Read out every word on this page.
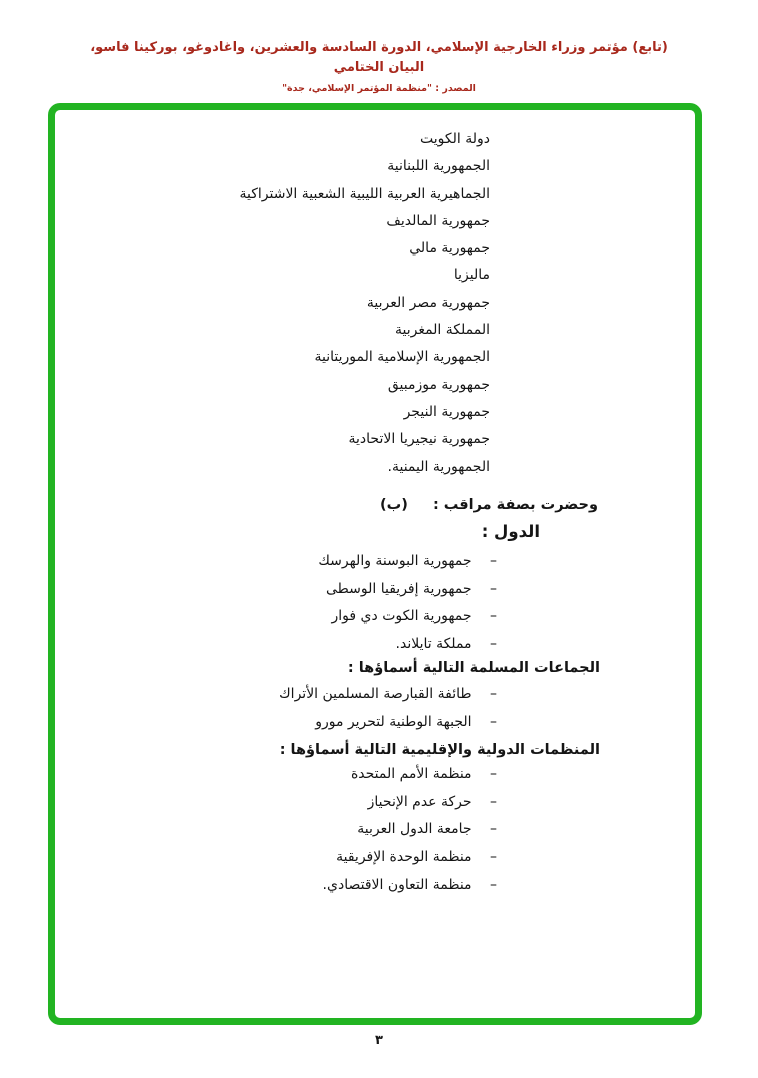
(تابع) مؤتمر وزراء الخارجية الإسلامي، الدورة السادسة والعشرين، واغادوغو، بوركينا فاسو، البيان الختامي
المصدر : "منظمة المؤتمر الإسلامي، جدة"
دولة الكويت
الجمهورية اللبنانية
الجماهيرية العربية الليبية الشعبية الاشتراكية
جمهورية المالديف
جمهورية مالي
ماليزيا
جمهورية مصر العربية
المملكة المغربية
الجمهورية الإسلامية الموريتانية
جمهورية موزمبيق
جمهورية النيجر
جمهورية نيجيريا الاتحادية
الجمهورية اليمنية.
وحضرت بصفة مراقب : (ب)
الدول :
– جمهورية البوسنة والهرسك
– جمهورية إفريقيا الوسطى
– جمهورية الكوت دي فوار
– مملكة تايلاند.
الجماعات المسلمة التالية أسماؤها :
– طائفة القبارصة المسلمين الأتراك
– الجبهة الوطنية لتحرير مورو
المنظمات الدولية والإقليمية التالية أسماؤها :
– منظمة الأمم المتحدة
– حركة عدم الإنحياز
– جامعة الدول العربية
– منظمة الوحدة الإفريقية
– منظمة التعاون الاقتصادي.
٣
